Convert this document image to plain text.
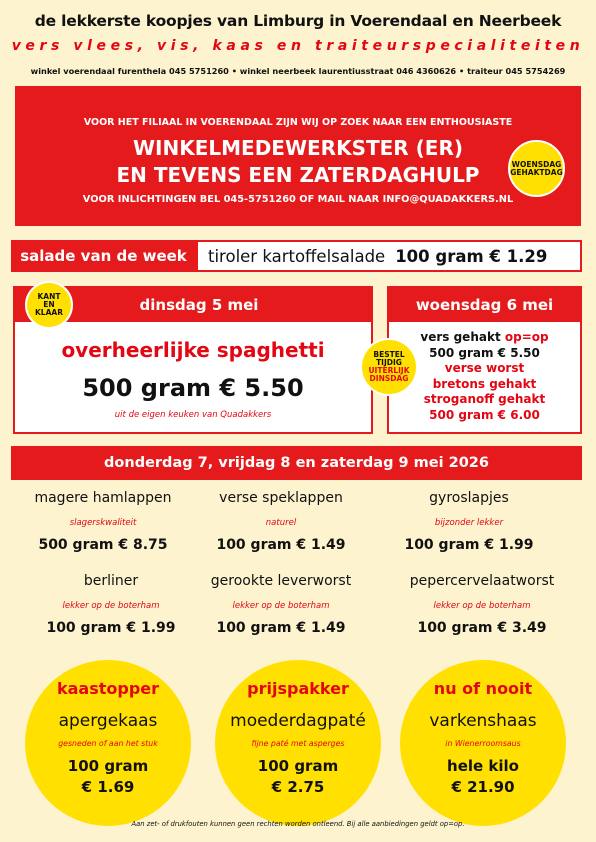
de lekkerste koopjes van Limburg in Voerendaal en Neerbeek
vers vlees, vis, kaas en traiteurspecialiteiten
winkel voerendaal furenthela 045 5751260 • winkel neerbeek laurentiusstraat 046 4360626 • traiteur 045 5754269
VOOR HET FILIAAL IN VOERENDAAL ZIJN WIJ OP ZOEK NAAR EEN ENTHOUSIASTE
WINKELMEDEWERKSTER (ER)
EN TEVENS EEN ZATERDAGHULP
VOOR INLICHTINGEN BEL 045-5751260 OF MAIL NAAR INFO@QUADAKKERS.NL
WOENSDAG
GEHAKTDAG
salade van de week	tiroler kartoffelsalade 100 gram € 1.29
dinsdag 5 mei
overheerlijke spaghetti
500 gram € 5.50
uit de eigen keuken van Quadakkers
KANT
EN
KLAAR	woensdag 6 mei
vers gehakt op=op
500 gram € 5.50
verse worst
bretons gehakt
stroganoff gehakt
500 gram € 6.00
BESTEL
TIJDIG
UITERLIJK
DINSDAG
donderdag 7, vrijdag 8 en zaterdag 9 mei 2026
magere hamlappen
slagerskwaliteit
500 gram € 8.75
verse speklappen
naturel
100 gram € 1.49
gyroslapjes
bijzonder lekker
100 gram € 1.99
berliner
lekker op de boterham
100 gram € 1.99
gerookte leverworst
lekker op de boterham
100 gram € 1.49
pepercervelaatworst
lekker op de boterham
100 gram € 3.49
kaastopper
apergekaas
gesneden of aan het stuk
100 gram
€ 1.69
prijspakker
moederdagpaté
fijne paté met asperges
100 gram
€ 2.75
nu of nooit
varkenshaas
in Wienerroomsaus
hele kilo
€ 21.90
Aan zet- of drukfouten kunnen geen rechten worden ontleend. Bij alle aanbiedingen geldt op=op.
